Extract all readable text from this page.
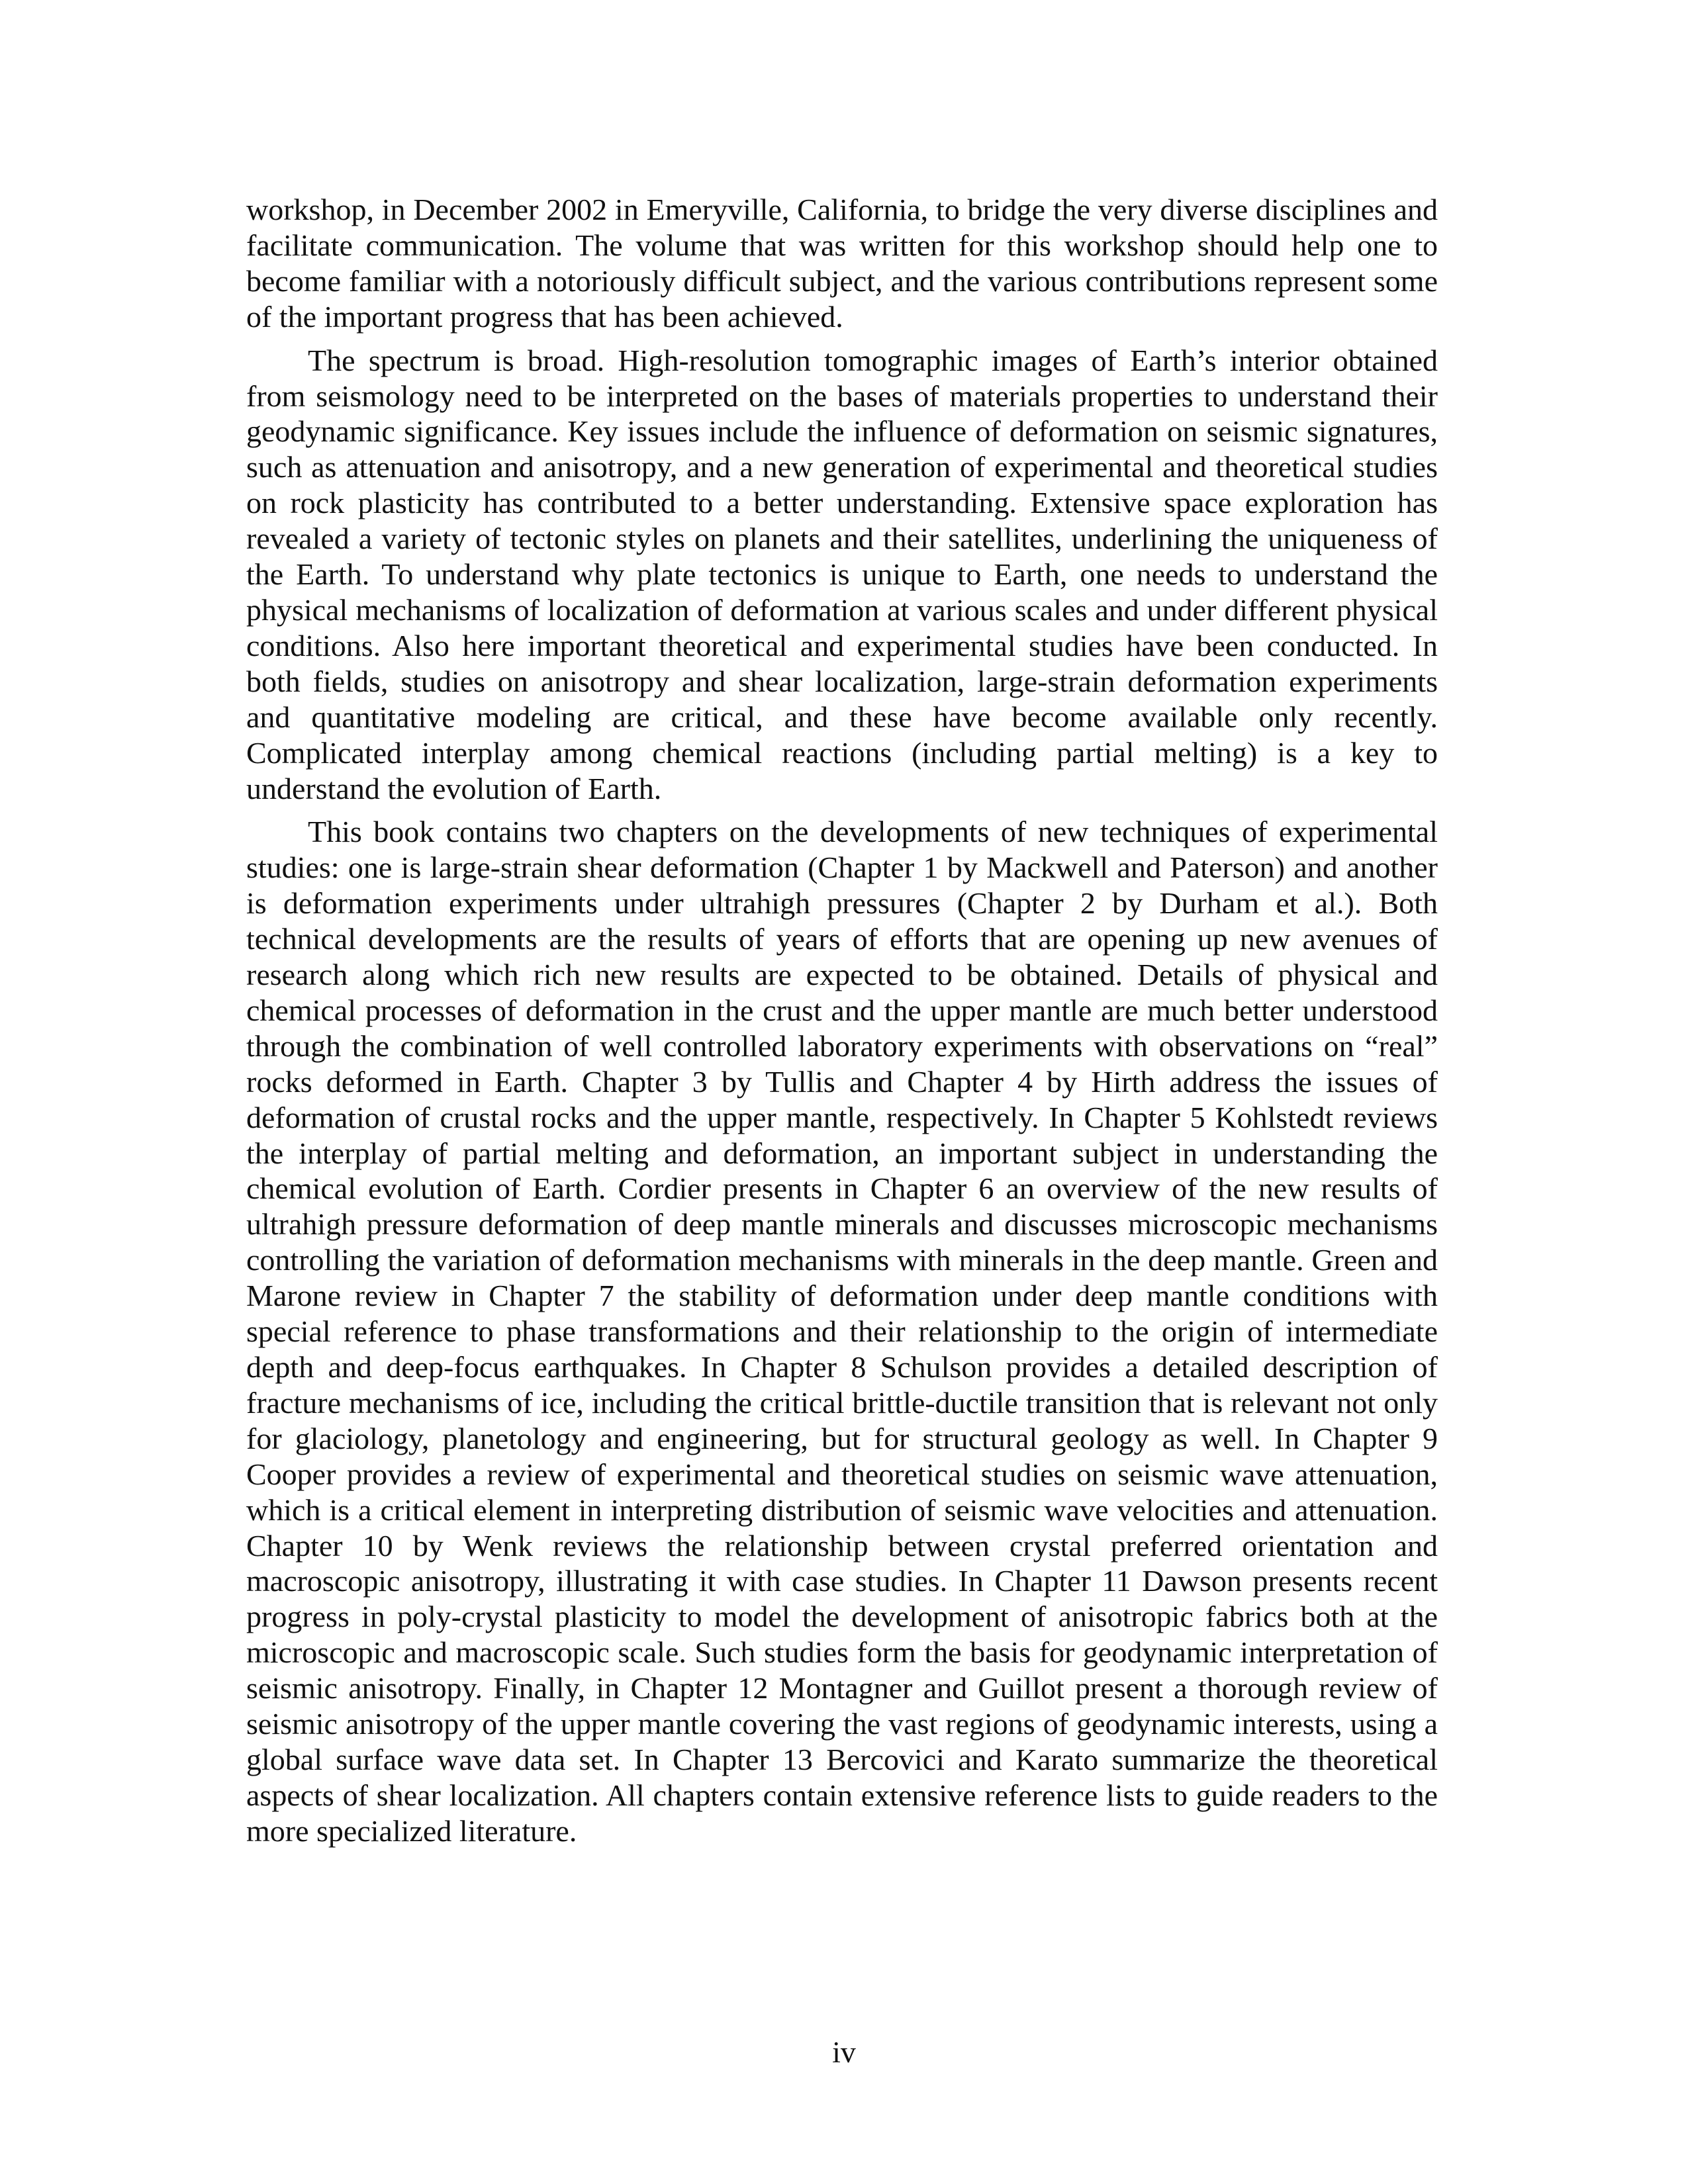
workshop, in December 2002 in Emeryville, California, to bridge the very diverse disciplines and facilitate communication. The volume that was written for this workshop should help one to become familiar with a notoriously difficult subject, and the various contributions represent some of the important progress that has been achieved.

The spectrum is broad. High-resolution tomographic images of Earth’s interior obtained from seismology need to be interpreted on the bases of materials properties to understand their geodynamic significance. Key issues include the influence of deformation on seismic signatures, such as attenuation and anisotropy, and a new generation of experimental and theoretical studies on rock plasticity has contributed to a better understanding. Extensive space exploration has revealed a variety of tectonic styles on planets and their satellites, underlining the uniqueness of the Earth. To understand why plate tectonics is unique to Earth, one needs to understand the physical mechanisms of localization of deformation at various scales and under different physical conditions. Also here important theoretical and experimental studies have been conducted. In both fields, studies on anisotropy and shear localization, large-strain deformation experiments and quantitative modeling are critical, and these have become available only recently. Complicated interplay among chemical reactions (including partial melting) is a key to understand the evolution of Earth.

This book contains two chapters on the developments of new techniques of experimental studies: one is large-strain shear deformation (Chapter 1 by Mackwell and Paterson) and another is deformation experiments under ultrahigh pressures (Chapter 2 by Durham et al.). Both technical developments are the results of years of efforts that are opening up new avenues of research along which rich new results are expected to be obtained. Details of physical and chemical processes of deformation in the crust and the upper mantle are much better understood through the combination of well controlled laboratory experiments with observations on “real” rocks deformed in Earth. Chapter 3 by Tullis and Chapter 4 by Hirth address the issues of deformation of crustal rocks and the upper mantle, respectively. In Chapter 5 Kohlstedt reviews the interplay of partial melting and deformation, an important subject in understanding the chemical evolution of Earth. Cordier presents in Chapter 6 an overview of the new results of ultrahigh pressure deformation of deep mantle minerals and discusses microscopic mechanisms controlling the variation of deformation mechanisms with minerals in the deep mantle. Green and Marone review in Chapter 7 the stability of deformation under deep mantle conditions with special reference to phase transformations and their relationship to the origin of intermediate depth and deep-focus earthquakes. In Chapter 8 Schulson provides a detailed description of fracture mechanisms of ice, including the critical brittle-ductile transition that is relevant not only for glaciology, planetology and engineering, but for structural geology as well. In Chapter 9 Cooper provides a review of experimental and theoretical studies on seismic wave attenuation, which is a critical element in interpreting distribution of seismic wave velocities and attenuation. Chapter 10 by Wenk reviews the relationship between crystal preferred orientation and macroscopic anisotropy, illustrating it with case studies. In Chapter 11 Dawson presents recent progress in poly-crystal plasticity to model the development of anisotropic fabrics both at the microscopic and macroscopic scale. Such studies form the basis for geodynamic interpretation of seismic anisotropy. Finally, in Chapter 12 Montagner and Guillot present a thorough review of seismic anisotropy of the upper mantle covering the vast regions of geodynamic interests, using a global surface wave data set. In Chapter 13 Bercovici and Karato summarize the theoretical aspects of shear localization. All chapters contain extensive reference lists to guide readers to the more specialized literature.

iv
